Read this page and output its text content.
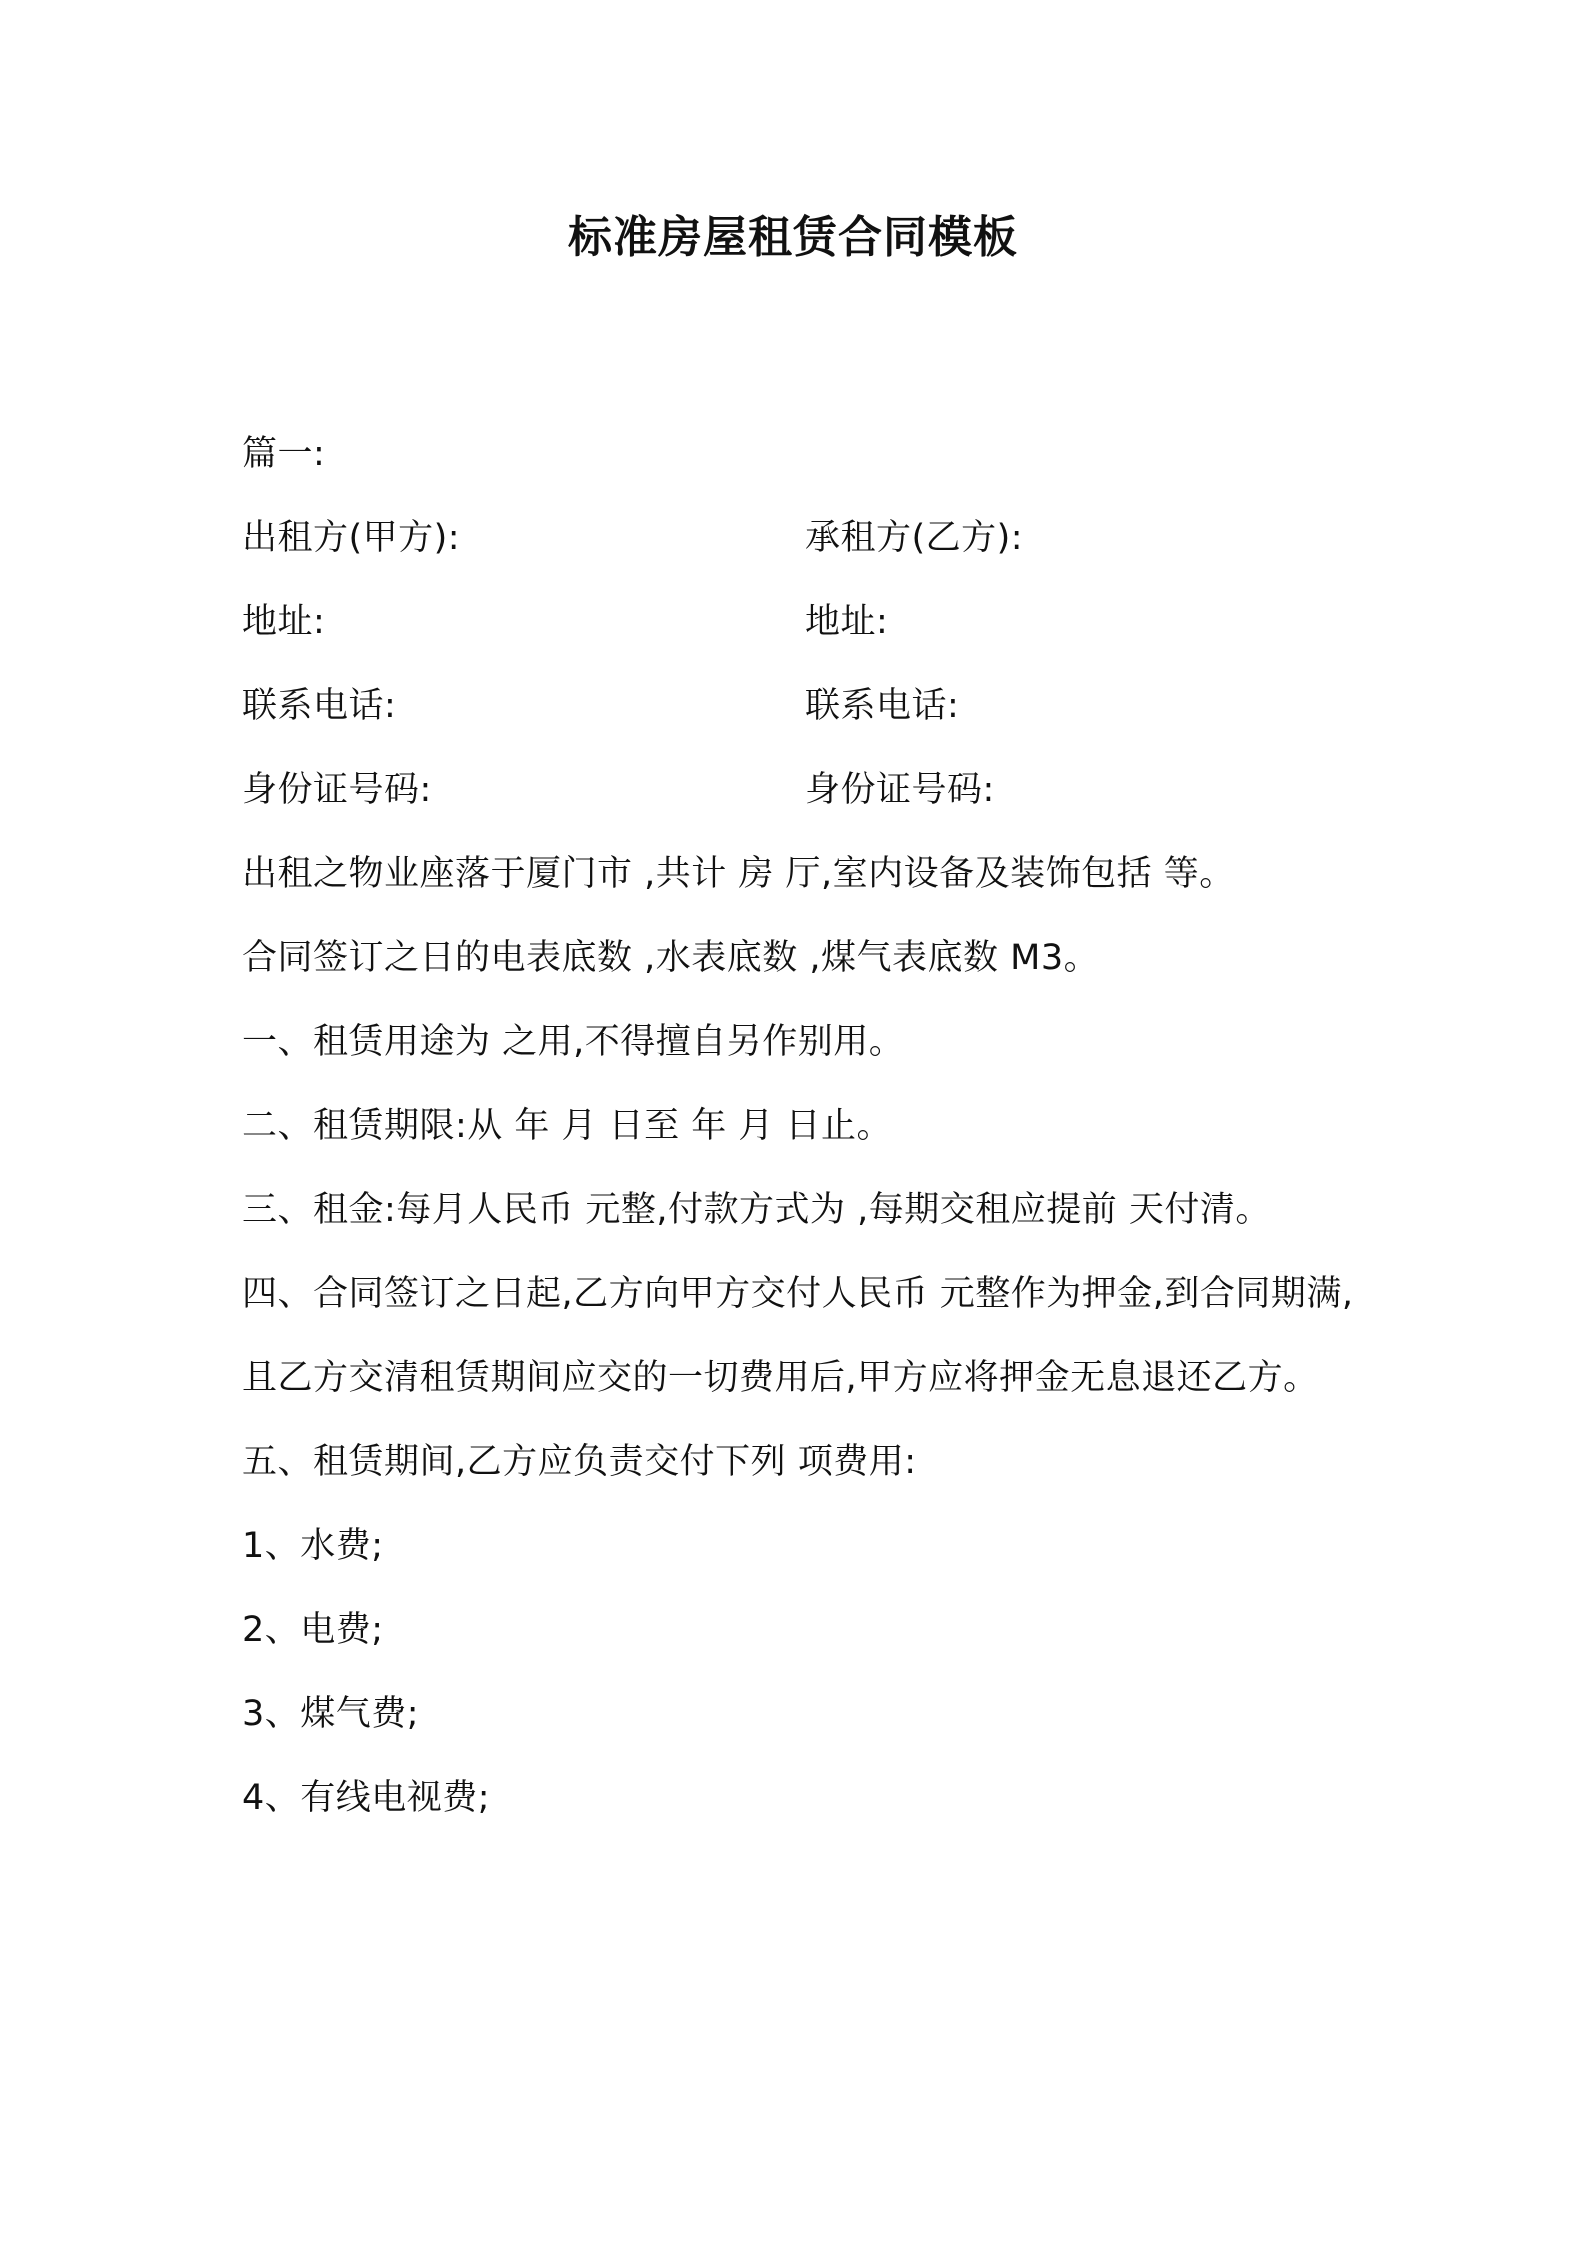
标准房屋租赁合同模板
篇一:
出租方(甲方):	承租方(乙方):
地址:	地址:
联系电话:	联系电话:
身份证号码:	身份证号码:
出租之物业座落于厦门市 ,共计 房 厅,室内设备及装饰包括 等。
合同签订之日的电表底数 ,水表底数 ,煤气表底数 M3。
一、租赁用途为 之用,不得擅自另作别用。
二、租赁期限:从 年 月 日至 年 月 日止。
三、租金:每月人民币 元整,付款方式为 ,每期交租应提前 天付清。
四、合同签订之日起,乙方向甲方交付人民币 元整作为押金,到合同期满,且乙方交清租赁期间应交的一切费用后,甲方应将押金无息退还乙方。
五、租赁期间,乙方应负责交付下列 项费用:
1、水费;
2、电费;
3、煤气费;
4、有线电视费;
